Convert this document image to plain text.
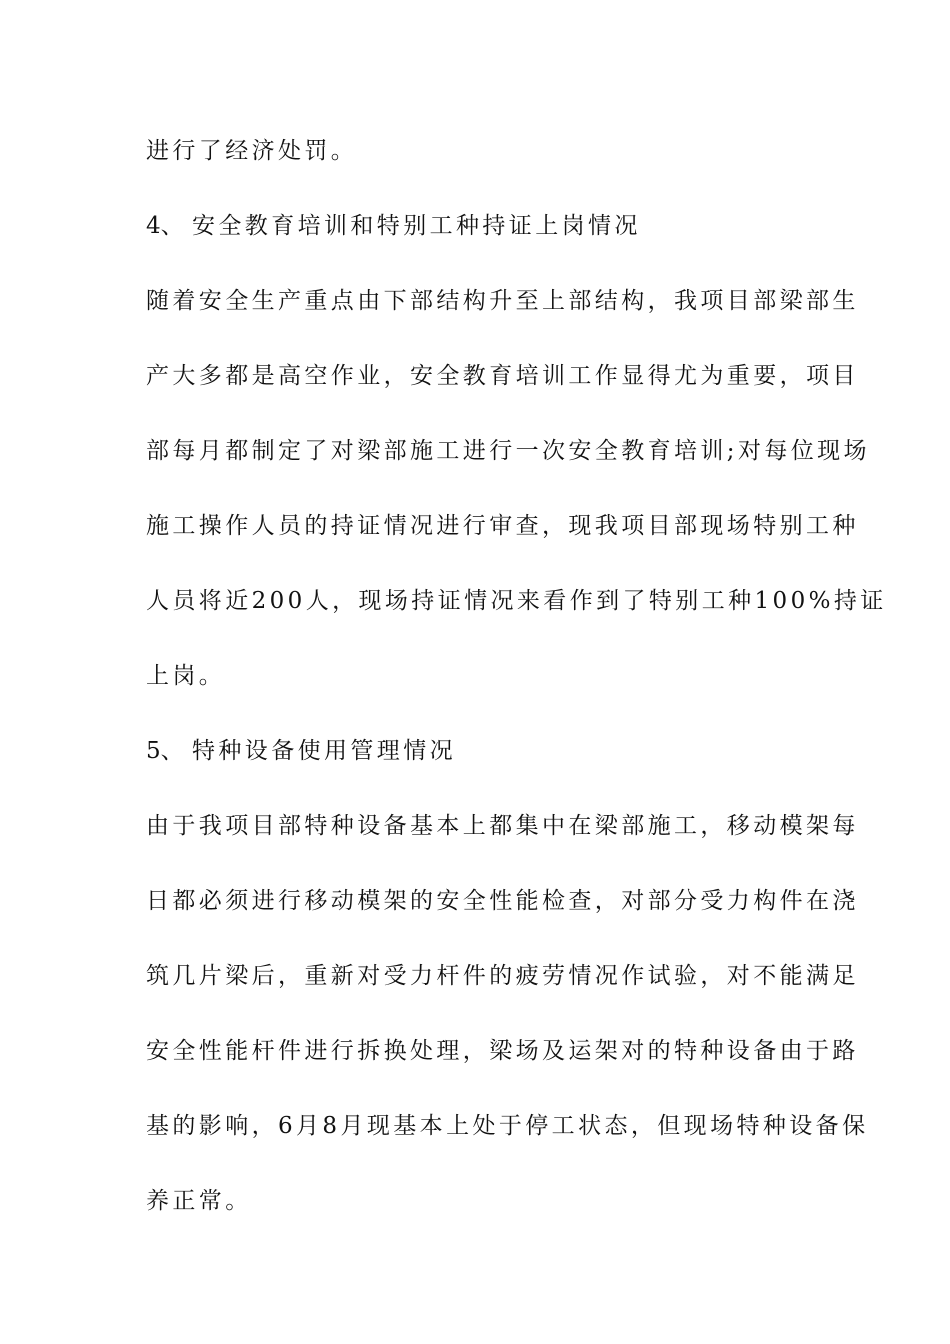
进行了经济处罚。
4、 安全教育培训和特别工种持证上岗情况
随着安全生产重点由下部结构升至上部结构，我项目部梁部生
产大多都是高空作业，安全教育培训工作显得尤为重要，项目
部每月都制定了对梁部施工进行一次安全教育培训;对每位现场
施工操作人员的持证情况进行审查，现我项目部现场特别工种
人员将近200人，现场持证情况来看作到了特别工种100%持证
上岗。
5、 特种设备使用管理情况
由于我项目部特种设备基本上都集中在梁部施工，移动模架每
日都必须进行移动模架的安全性能检查，对部分受力构件在浇
筑几片梁后，重新对受力杆件的疲劳情况作试验，对不能满足
安全性能杆件进行拆换处理，梁场及运架对的特种设备由于路
基的影响，6月8月现基本上处于停工状态，但现场特种设备保
养正常。
